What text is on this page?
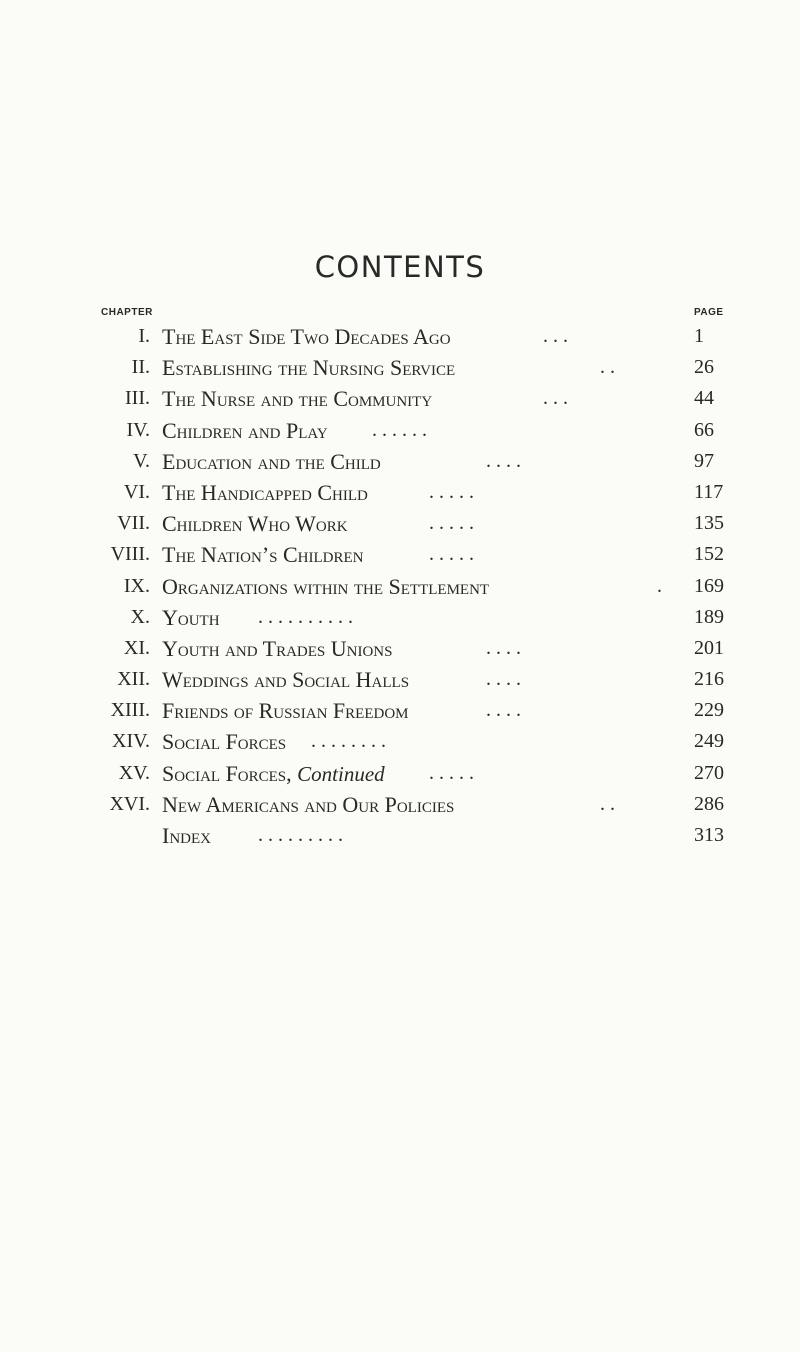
CONTENTS
CHAPTER	PAGE
I. The East Side Two Decades Ago	. . .	1
II. Establishing the Nursing Service	. .	26
III. The Nurse and the Community	. . .	44
IV. Children and Play . . . . . .	66
V. Education and the Child	. . . .	97
VI. The Handicapped Child	. . . . .	117
VII. Children Who Work	. . . . .	135
VIII. The Nation’s Children	. . . . .	152
IX. Organizations within the Settlement	. 169
X. Youth . . . . . . . . . .	189
XI. Youth and Trades Unions	. . . .	201
XII. Weddings and Social Halls	. . . .	216
XIII. Friends of Russian Freedom	. . . .	229
XIV. Social Forces . . . . . . . .	249
XV. Social Forces, Continued . . . . .	270
XVI. New Americans and Our Policies	. .	286
Index . . . . . . . . .	313
